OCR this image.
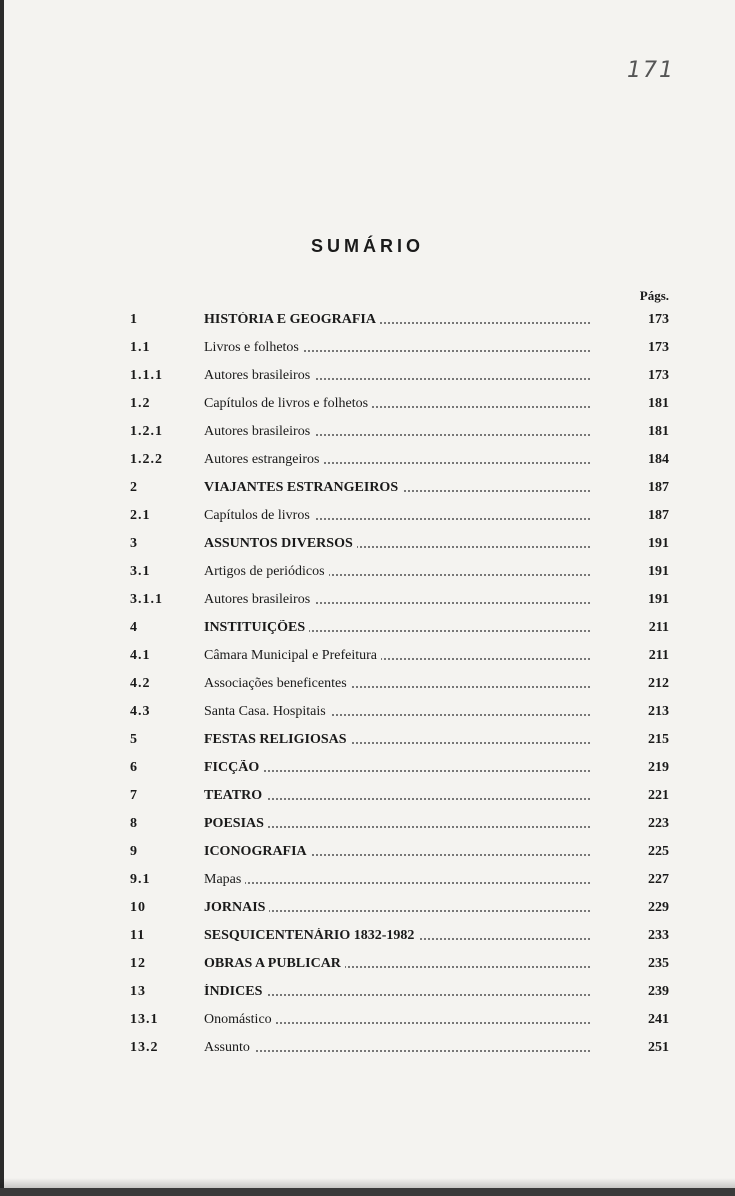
171
SUMÁRIO
Págs.
1	HISTÓRIA E GEOGRAFIA	173
1.1	Livros e folhetos	173
1.1.1	Autores brasileiros	173
1.2	Capítulos de livros e folhetos	181
1.2.1	Autores brasileiros	181
1.2.2	Autores estrangeiros	184
2	VIAJANTES ESTRANGEIROS	187
2.1	Capítulos de livros	187
3	ASSUNTOS DIVERSOS	191
3.1	Artigos de periódicos	191
3.1.1	Autores brasileiros	191
4	INSTITUIÇÕES	211
4.1	Câmara Municipal e Prefeitura	211
4.2	Associações beneficentes	212
4.3	Santa Casa. Hospitais	213
5	FESTAS RELIGIOSAS	215
6	FICÇÃO	219
7	TEATRO	221
8	POESIAS	223
9	ICONOGRAFIA	225
9.1	Mapas	227
10	JORNAIS	229
11	SESQUICENTENÁRIO 1832-1982	233
12	OBRAS A PUBLICAR	235
13	ÍNDICES	239
13.1	Onomástico	241
13.2	Assunto	251
